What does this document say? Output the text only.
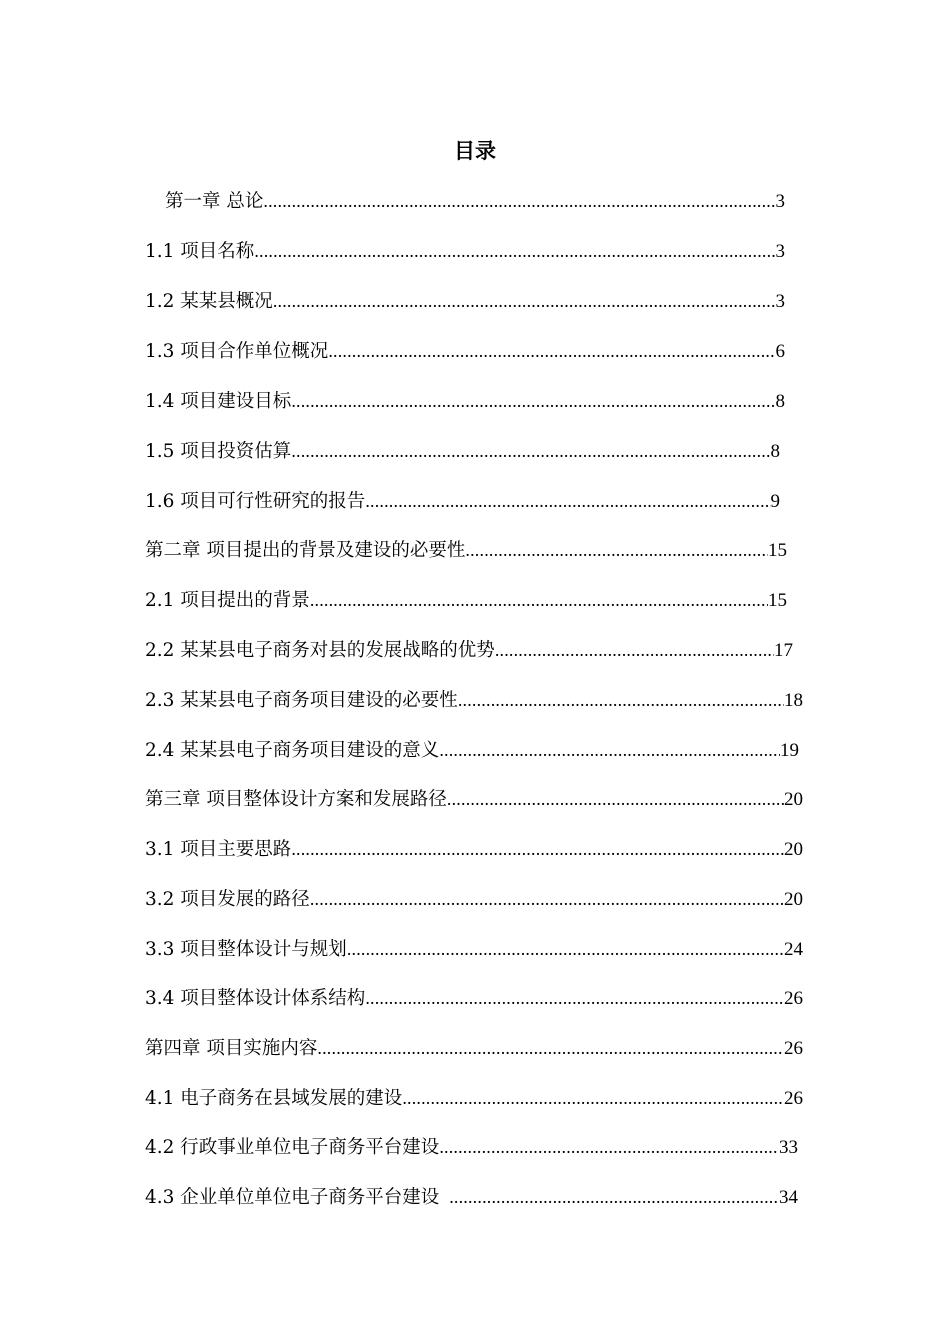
目录
第一章 总论 .....	3
1.1 项目名称 .....	3
1.2 某某县概况 .....	3
1.3 项目合作单位概况 .....	6
1.4 项目建设目标 .....	8
1.5 项目投资估算 .....	8
1.6 项目可行性研究的报告 .....	9
第二章 项目提出的背景及建设的必要性 .....	15
2.1 项目提出的背景 .....	15
2.2 某某县电子商务对县的发展战略的优势 .....	17
2.3 某某县电子商务项目建设的必要性 .....	18
2.4 某某县电子商务项目建设的意义 .....	19
第三章 项目整体设计方案和发展路径 .....	20
3.1 项目主要思路 .....	20
3.2 项目发展的路径 .....	20
3.3 项目整体设计与规划 .....	24
3.4 项目整体设计体系结构 .....	26
第四章 项目实施内容 .....	26
4.1 电子商务在县域发展的建设 .....	26
4.2 行政事业单位电子商务平台建设 .....	33
4.3 企业单位单位电子商务平台建设 .....	34
